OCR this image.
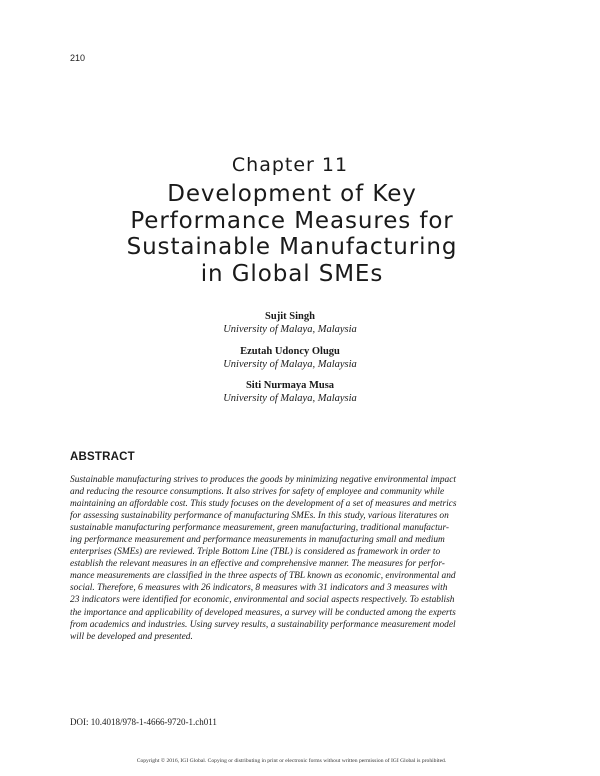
210
Chapter 11
Development of Key
Performance Measures for
Sustainable Manufacturing
in Global SMEs
Sujit Singh
University of Malaya, Malaysia
Ezutah Udoncy Olugu
University of Malaya, Malaysia
Siti Nurmaya Musa
University of Malaya, Malaysia
ABSTRACT
Sustainable manufacturing strives to produces the goods by minimizing negative environmental impact
and reducing the resource consumptions. It also strives for safety of employee and community while
maintaining an affordable cost. This study focuses on the development of a set of measures and metrics
for assessing sustainability performance of manufacturing SMEs. In this study, various literatures on
sustainable manufacturing performance measurement, green manufacturing, traditional manufactur-
ing performance measurement and performance measurements in manufacturing small and medium
enterprises (SMEs) are reviewed. Triple Bottom Line (TBL) is considered as framework in order to
establish the relevant measures in an effective and comprehensive manner. The measures for perfor-
mance measurements are classified in the three aspects of TBL known as economic, environmental and
social. Therefore, 6 measures with 26 indicators, 8 measures with 31 indicators and 3 measures with
23 indicators were identified for economic, environmental and social aspects respectively. To establish
the importance and applicability of developed measures, a survey will be conducted among the experts
from academics and industries. Using survey results, a sustainability performance measurement model
will be developed and presented.
DOI: 10.4018/978-1-4666-9720-1.ch011
Copyright © 2016, IGI Global. Copying or distributing in print or electronic forms without written permission of IGI Global is prohibited.
